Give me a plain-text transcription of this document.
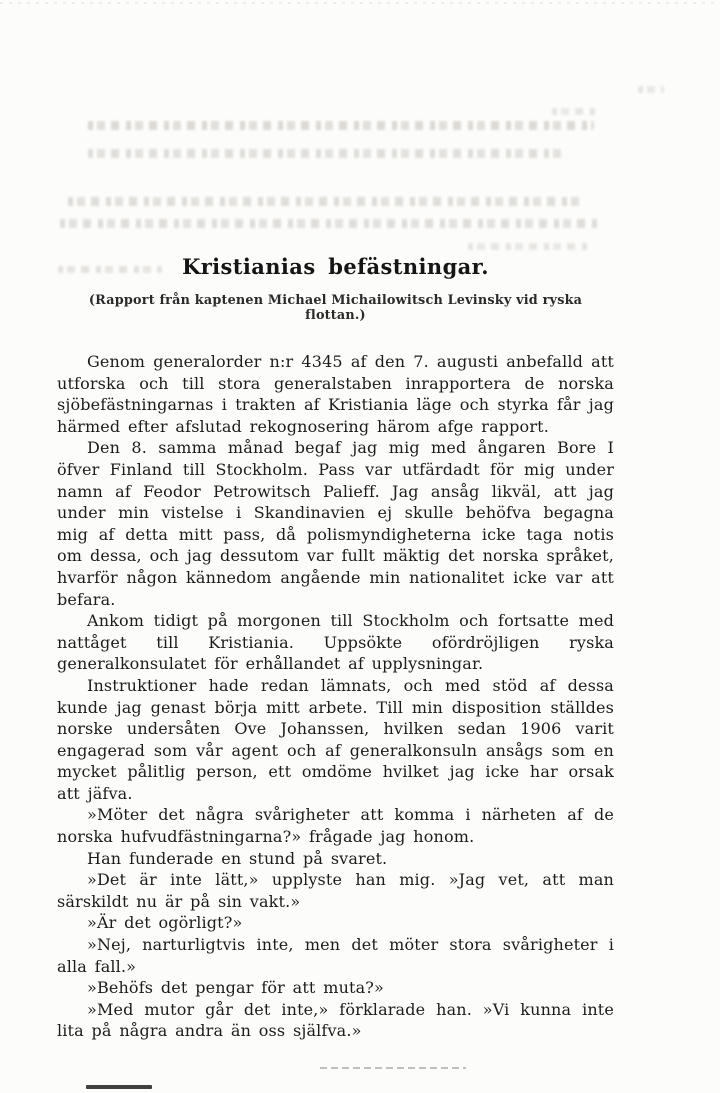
Kristianias befästningar.
(Rapport från kaptenen Michael Michailowitsch Levinsky vid ryska flottan.)

Genom generalorder n:r 4345 af den 7. augusti anbefalld att utforska och till stora generalstaben inrapportera de norska sjöbefästningarnas i trakten af Kristiania läge och styrka får jag härmed efter afslutad rekognosering härom afge rapport.

Den 8. samma månad begaf jag mig med ångaren Bore I öfver Finland till Stockholm. Pass var utfärdadt för mig under namn af Feodor Petrowitsch Palieff. Jag ansåg likväl, att jag under min vistelse i Skandinavien ej skulle behöfva begagna mig af detta mitt pass, då polismyndigheterna icke taga notis om dessa, och jag dessutom var fullt mäktig det norska språket, hvarför någon kännedom angående min nationalitet icke var att befara.

Ankom tidigt på morgonen till Stockholm och fortsatte med nattåget till Kristiania. Uppsökte ofördröjligen ryska generalkonsulatet för erhållandet af upplysningar.

Instruktioner hade redan lämnats, och med stöd af dessa kunde jag genast börja mitt arbete. Till min disposition ställdes norske undersåten Ove Johanssen, hvilken sedan 1906 varit engagerad som vår agent och af generalkonsuln ansågs som en mycket pålitlig person, ett omdöme hvilket jag icke har orsak att jäfva.

»Möter det några svårigheter att komma i närheten af de norska hufvudfästningarna?» frågade jag honom.

Han funderade en stund på svaret.

»Det är inte lätt,» upplyste han mig. »Jag vet, att man särskildt nu är på sin vakt.»

»Är det ogörligt?»

»Nej, narturligtvis inte, men det möter stora svårigheter i alla fall.»

»Behöfs det pengar för att muta?»

»Med mutor går det inte,» förklarade han. »Vi kunna inte lita på några andra än oss själfva.»
